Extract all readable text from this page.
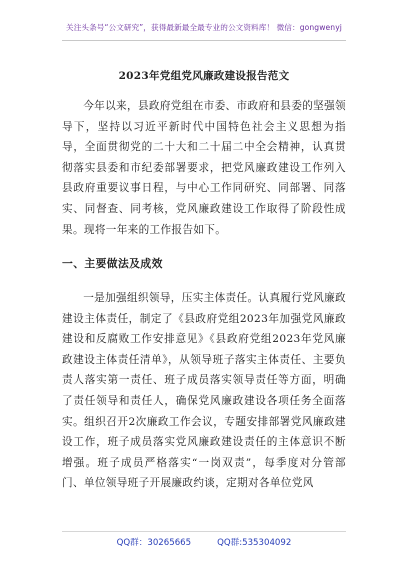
关注头条号“公文研究”，获得最新最全最专业的公文资料库！ 微信：gongwenyj
2023年党组党风廉政建设报告范文
今年以来，县政府党组在市委、市政府和县委的坚强领导下，坚持以习近平新时代中国特色社会主义思想为指导，全面贯彻党的二十大和二十届二中全会精神，认真贯彻落实县委和市纪委部署要求，把党风廉政建设工作列入县政府重要议事日程，与中心工作同研究、同部署、同落实、同督查、同考核，党风廉政建设工作取得了阶段性成果。现将一年来的工作报告如下。
一、主要做法及成效
一是加强组织领导，压实主体责任。认真履行党风廉政建设主体责任，制定了《县政府党组2023年加强党风廉政建设和反腐败工作安排意见》《县政府党组2023年党风廉政建设主体责任清单》，从领导班子落实主体责任、主要负责人落实第一责任、班子成员落实领导责任等方面，明确了责任领导和责任人，确保党风廉政建设各项任务全面落实。组织召开2次廉政工作会议，专题安排部署党风廉政建设工作，班子成员落实党风廉政建设责任的主体意识不断增强。班子成员严格落实“一岗双责”，每季度对分管部门、单位领导班子开展廉政约谈，定期对各单位党风
QQ群：30265665	QQ群:535304092
